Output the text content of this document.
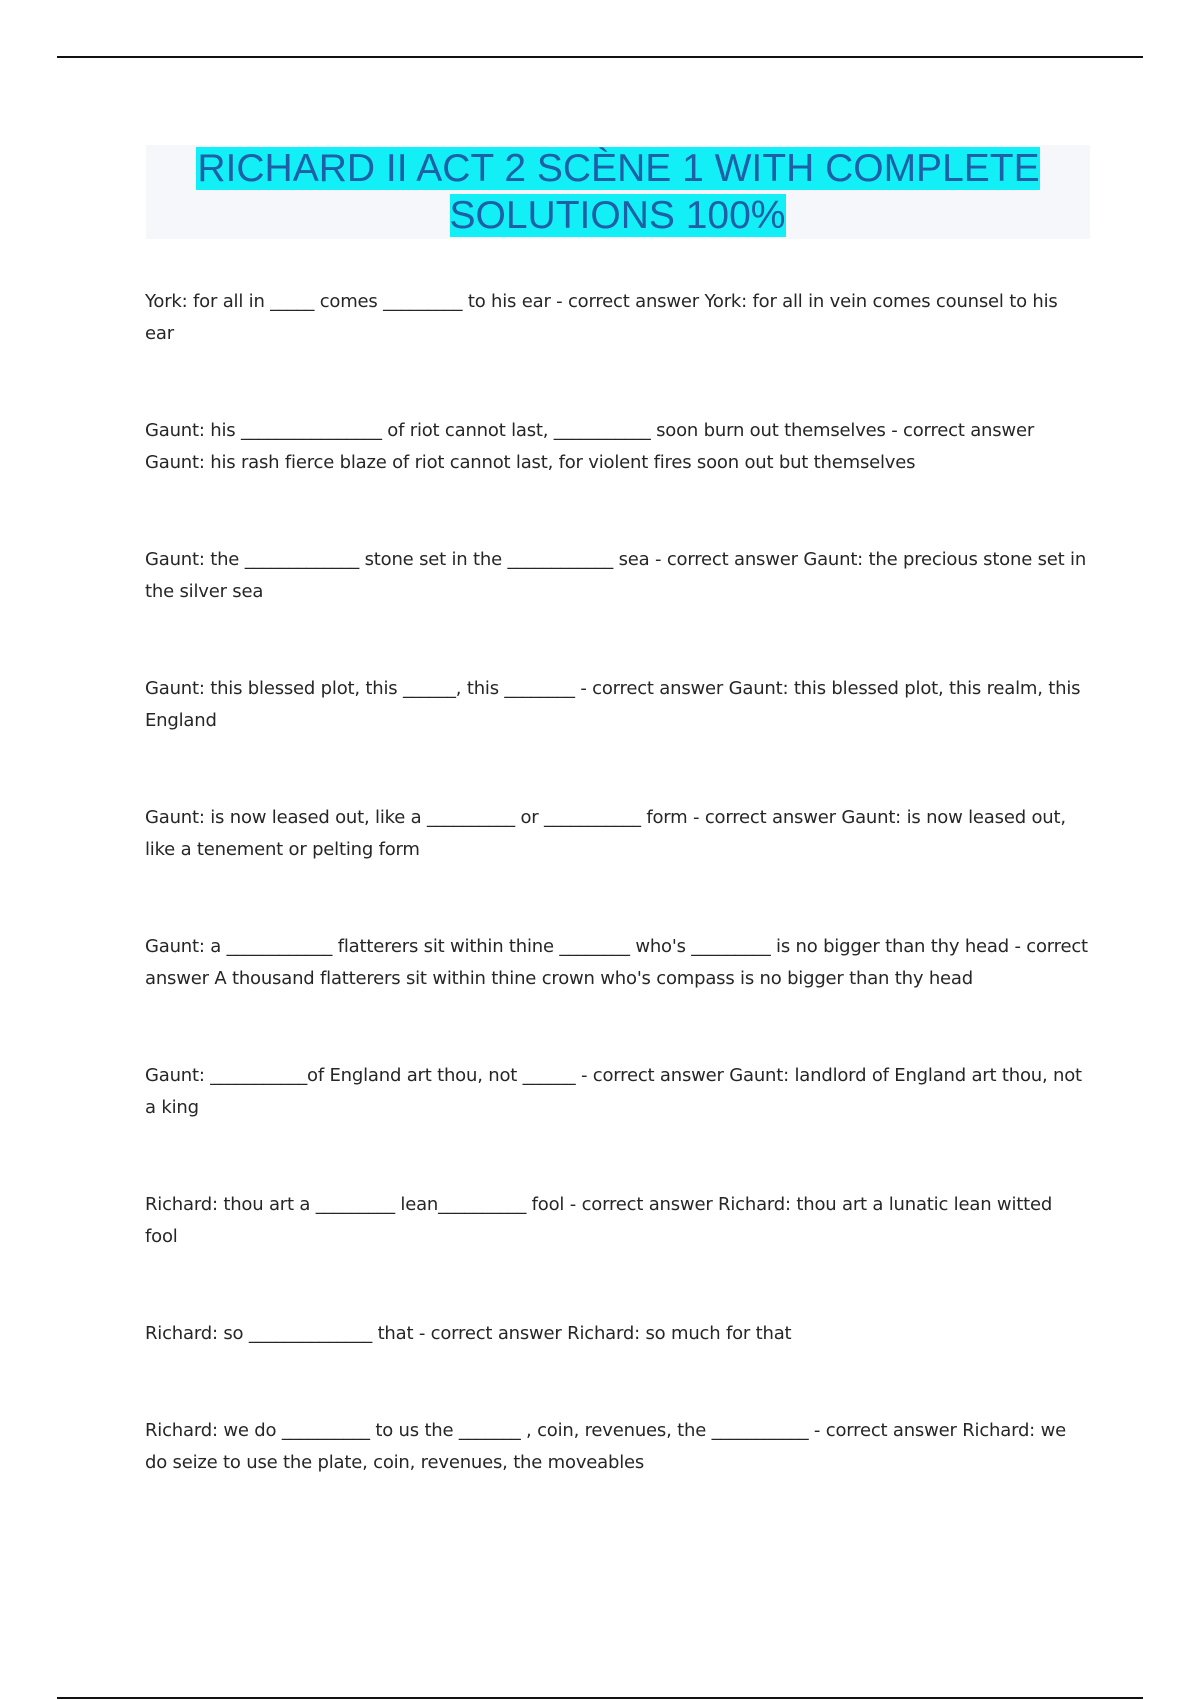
RICHARD II ACT 2 SCÈNE 1 WITH COMPLETE SOLUTIONS 100%

York: for all in _____ comes _________ to his ear - correct answer York: for all in vein comes counsel to his ear

Gaunt: his ________________ of riot cannot last, ___________ soon burn out themselves - correct answer Gaunt: his rash fierce blaze of riot cannot last, for violent fires soon out but themselves

Gaunt: the _____________ stone set in the ____________ sea - correct answer Gaunt: the precious stone set in the silver sea

Gaunt: this blessed plot, this ______, this ________ - correct answer Gaunt: this blessed plot, this realm, this England

Gaunt: is now leased out, like a __________ or ___________ form - correct answer Gaunt: is now leased out, like a tenement or pelting form

Gaunt: a ____________ flatterers sit within thine ________ who's _________ is no bigger than thy head - correct answer A thousand flatterers sit within thine crown who's compass is no bigger than thy head

Gaunt: ___________of England art thou, not ______ - correct answer Gaunt: landlord of England art thou, not a king

Richard: thou art a _________ lean__________ fool - correct answer Richard: thou art a lunatic lean witted fool

Richard: so ______________ that - correct answer Richard: so much for that

Richard: we do __________ to us the _______ , coin, revenues, the ___________ - correct answer Richard: we do seize to use the plate, coin, revenues, the moveables
